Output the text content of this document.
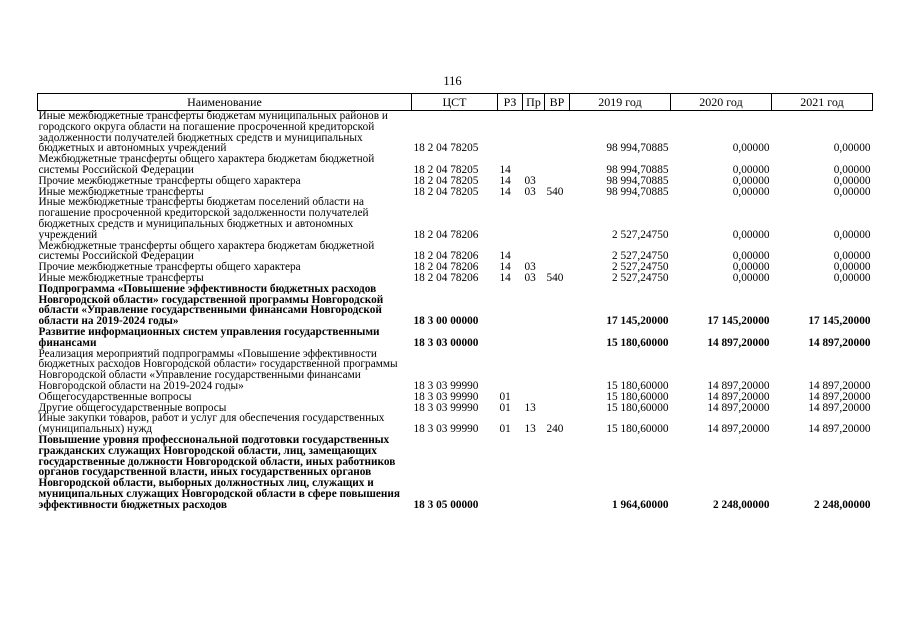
116
Наименование	ЦСТ	РЗ	Пр	ВР	2019 год	2020 год	2021 год
Иные межбюджетные трансферты бюджетам муниципальных районов и городского округа области на погашение просроченной кредиторской задолженности получателей бюджетных средств и муниципальных бюджетных и автономных учреждений	18 2 04 78205				98 994,70885	0,00000	0,00000
Межбюджетные трансферты общего характера бюджетам бюджетной системы Российской Федерации	18 2 04 78205	14			98 994,70885	0,00000	0,00000
Прочие межбюджетные трансферты общего характера	18 2 04 78205	14	03		98 994,70885	0,00000	0,00000
Иные межбюджетные трансферты	18 2 04 78205	14	03	540	98 994,70885	0,00000	0,00000
Иные межбюджетные трансферты бюджетам поселений области на погашение просроченной кредиторской задолженности получателей бюджетных средств и муниципальных бюджетных и автономных учреждений	18 2 04 78206				2 527,24750	0,00000	0,00000
Межбюджетные трансферты общего характера бюджетам бюджетной системы Российской Федерации	18 2 04 78206	14			2 527,24750	0,00000	0,00000
Прочие межбюджетные трансферты общего характера	18 2 04 78206	14	03		2 527,24750	0,00000	0,00000
Иные межбюджетные трансферты	18 2 04 78206	14	03	540	2 527,24750	0,00000	0,00000
Подпрограмма «Повышение эффективности бюджетных расходов Новгородской области» государственной программы Новгородской области «Управление государственными финансами Новгородской области на 2019-2024 годы»	18 3 00 00000				17 145,20000	17 145,20000	17 145,20000
Развитие информационных систем управления государственными финансами	18 3 03 00000				15 180,60000	14 897,20000	14 897,20000
Реализация мероприятий подпрограммы «Повышение эффективности бюджетных расходов Новгородской области» государственной программы Новгородской области «Управление государственными финансами Новгородской области на 2019-2024 годы»	18 3 03 99990				15 180,60000	14 897,20000	14 897,20000
Общегосударственные вопросы	18 3 03 99990	01			15 180,60000	14 897,20000	14 897,20000
Другие общегосударственные вопросы	18 3 03 99990	01	13		15 180,60000	14 897,20000	14 897,20000
Иные закупки товаров, работ и услуг для обеспечения государственных (муниципальных) нужд	18 3 03 99990	01	13	240	15 180,60000	14 897,20000	14 897,20000
Повышение уровня профессиональной подготовки государственных гражданских служащих Новгородской области, лиц, замещающих государственные должности Новгородской области, иных работников органов государственной власти, иных государственных органов Новгородской области, выборных должностных лиц, служащих и муниципальных служащих Новгородской области в сфере повышения эффективности бюджетных расходов	18 3 05 00000				1 964,60000	2 248,00000	2 248,00000
